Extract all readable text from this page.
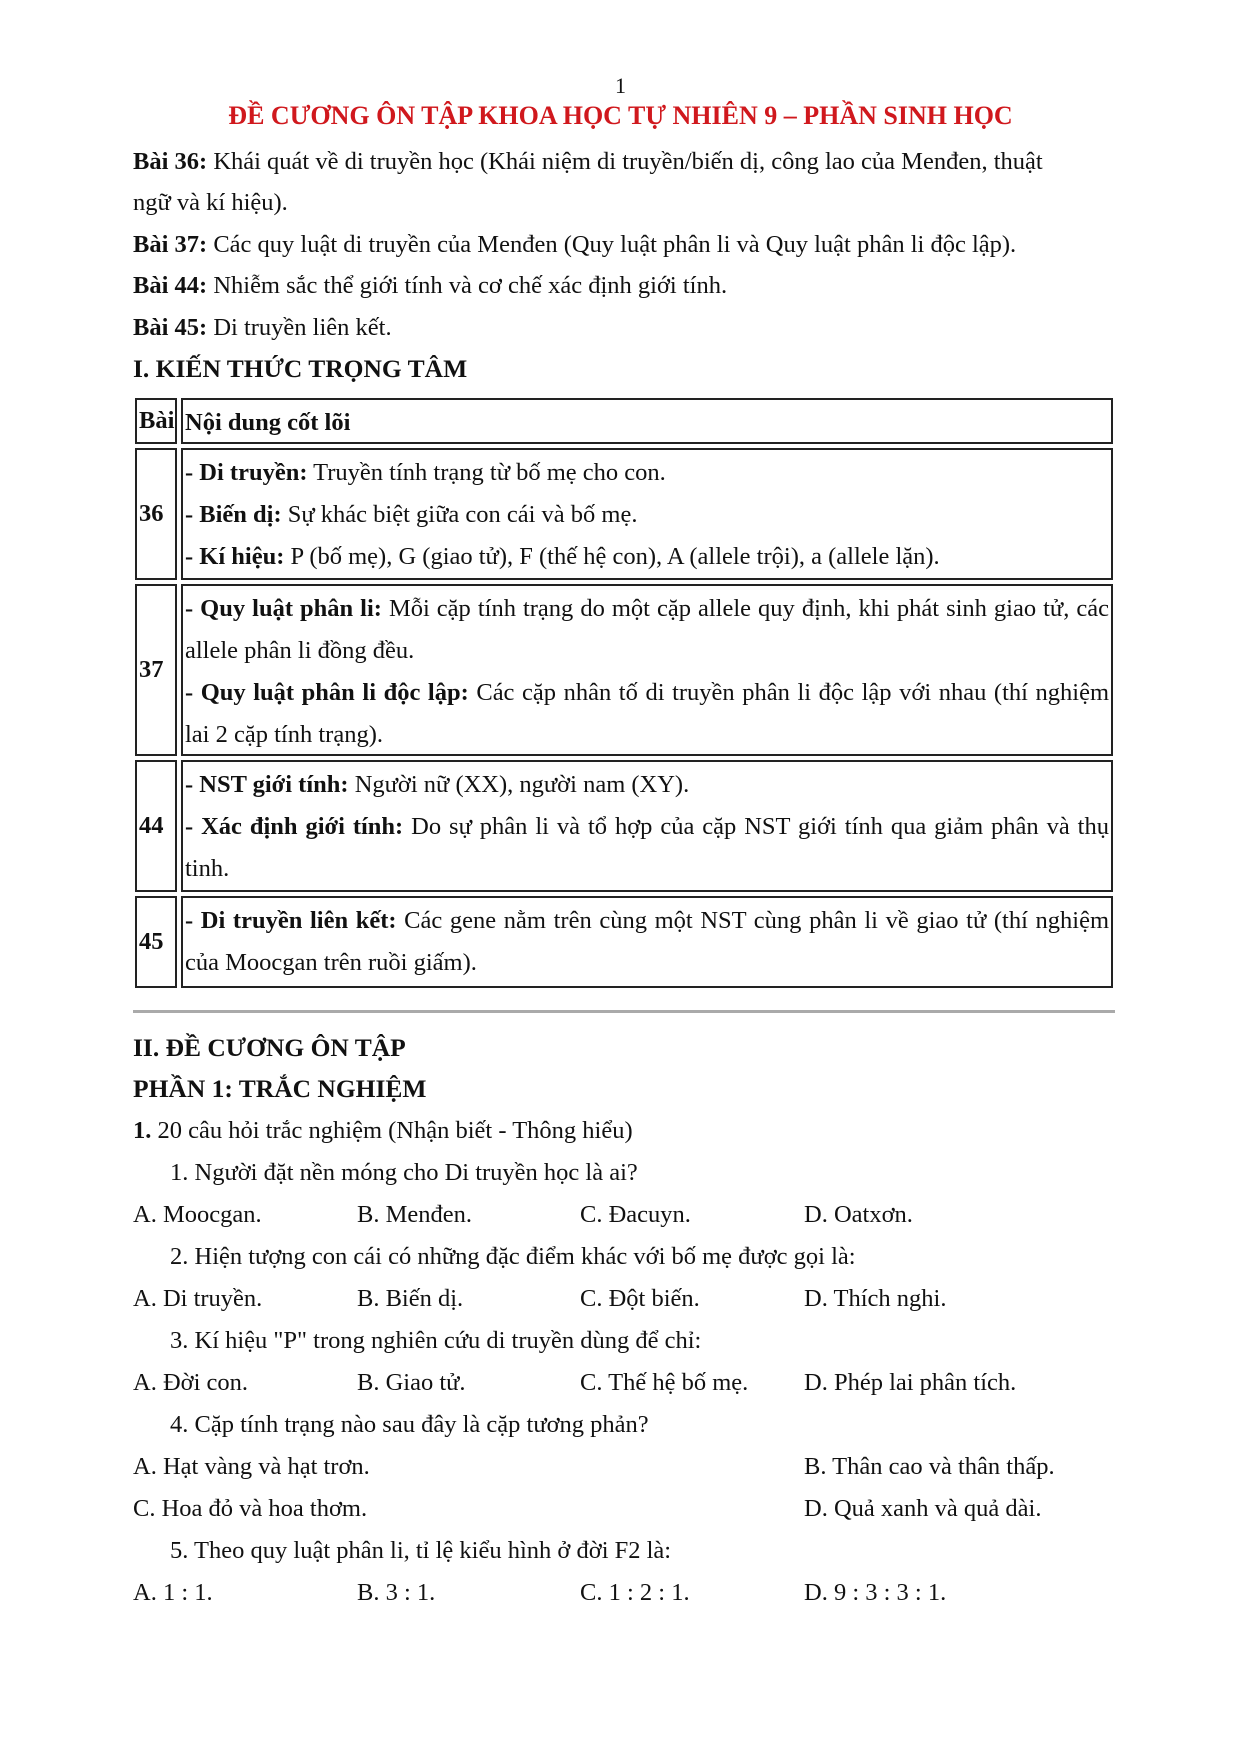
1
ĐỀ CƯƠNG ÔN TẬP KHOA HỌC TỰ NHIÊN 9 – PHẦN SINH HỌC
Bài 36: Khái quát về di truyền học (Khái niệm di truyền/biến dị, công lao của Menđen, thuật
ngữ và kí hiệu).
Bài 37: Các quy luật di truyền của Menđen (Quy luật phân li và Quy luật phân li độc lập).
Bài 44: Nhiễm sắc thể giới tính và cơ chế xác định giới tính.
Bài 45: Di truyền liên kết.
I. KIẾN THỨC TRỌNG TÂM
Bài Nội dung cốt lõi
36
- Di truyền: Truyền tính trạng từ bố mẹ cho con.
- Biến dị: Sự khác biệt giữa con cái và bố mẹ.
- Kí hiệu: P (bố mẹ), G (giao tử), F (thế hệ con), A (allele trội), a (allele lặn).
37
- Quy luật phân li: Mỗi cặp tính trạng do một cặp allele quy định, khi phát sinh giao tử, các allele phân li đồng đều.
- Quy luật phân li độc lập: Các cặp nhân tố di truyền phân li độc lập với nhau (thí nghiệm lai 2 cặp tính trạng).
44
- NST giới tính: Người nữ (XX), người nam (XY).
- Xác định giới tính: Do sự phân li và tổ hợp của cặp NST giới tính qua giảm phân và thụ tinh.
45
- Di truyền liên kết: Các gene nằm trên cùng một NST cùng phân li về giao tử (thí nghiệm của Moocgan trên ruồi giấm).
II. ĐỀ CƯƠNG ÔN TẬP
PHẦN 1: TRẮC NGHIỆM
1. 20 câu hỏi trắc nghiệm (Nhận biết - Thông hiểu)
1. Người đặt nền móng cho Di truyền học là ai?
A. Moocgan.	B. Menđen.	C. Đacuyn.	D. Oatxơn.
2. Hiện tượng con cái có những đặc điểm khác với bố mẹ được gọi là:
A. Di truyền.	B. Biến dị.	C. Đột biến.	D. Thích nghi.
3. Kí hiệu "P" trong nghiên cứu di truyền dùng để chỉ:
A. Đời con.	B. Giao tử.	C. Thế hệ bố mẹ. D. Phép lai phân tích.
4. Cặp tính trạng nào sau đây là cặp tương phản?
A. Hạt vàng và hạt trơn.	B. Thân cao và thân thấp.
C. Hoa đỏ và hoa thơm.	D. Quả xanh và quả dài.
5. Theo quy luật phân li, tỉ lệ kiểu hình ở đời F2 là:
A. 1 : 1.	B. 3 : 1.	C. 1 : 2 : 1.	D. 9 : 3 : 3 : 1.
